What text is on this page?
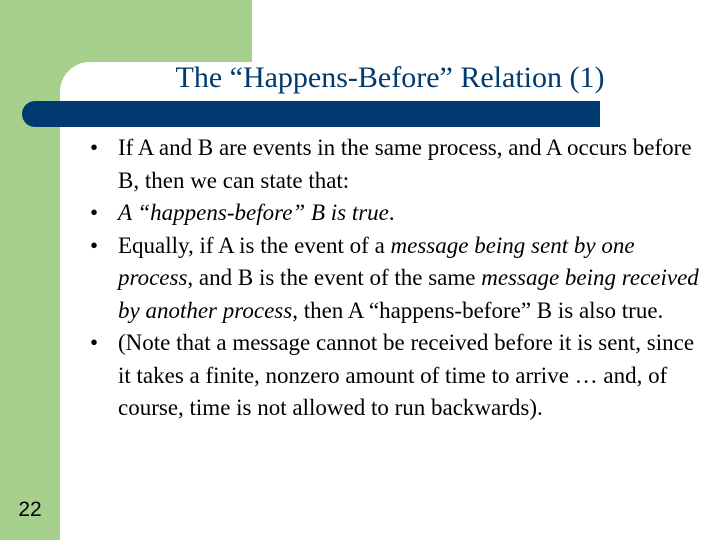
The “Happens-Before” Relation (1)
• If A and B are events in the same process, and A occurs before B, then we can state that:
• A “happens-before” B is true.
• Equally, if A is the event of a message being sent by one process, and B is the event of the same message being received by another process, then A “happens-before” B is also true.
• (Note that a message cannot be received before it is sent, since it takes a finite, nonzero amount of time to arrive … and, of course, time is not allowed to run backwards).
22
